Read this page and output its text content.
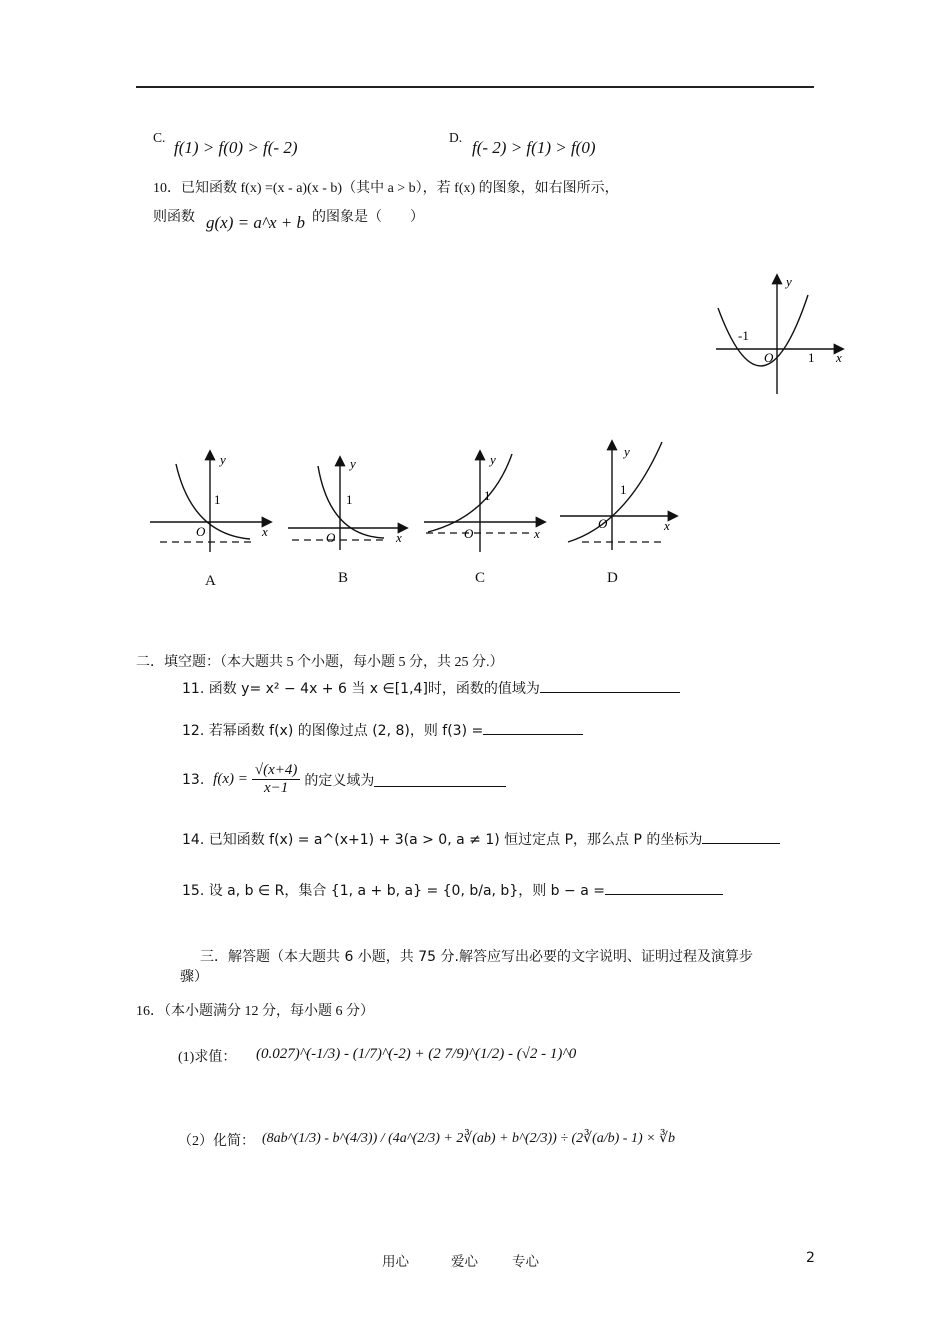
C.
f(1) > f(0) > f(- 2)
D.
f(- 2) > f(1) > f(0)
10．已知函数 f(x) =(x - a)(x - b)（其中 a > b），若 f(x) 的图象，如右图所示，
则函数 g(x) = a^x + b 的图象是（　　）
y
x
O
-1
1
y
x
O
1
A
y
x
O
1
B
y
x
O
1
C
y
x
O
1
D
二．填空题：（本大题共 5 个小题，每小题 5 分，共 25 分.）
11. 函数 y= x² − 4x + 6 当 x ∈[1,4]时，函数的值域为
12. 若幂函数 f(x) 的图像过点 (2, 8)，则 f(3) =
13.
$f(x) = \frac{√(x+4)}{x-1}$ 的定义域为
14. 已知函数 f(x) = a^(x+1) + 3(a > 0, a ≠ 1) 恒过定点 P，那么点 P 的坐标为
15. 设 a, b ∈ R，集合 {1, a + b, a} = {0, b/a, b}，则 b − a =
三．解答题（本大题共 6 小题，共 75 分.解答应写出必要的文字说明、证明过程及演算步
骤）
16．（本小题满分 12 分，每小题 6 分）
(1)求值： (0.027)^(-1/3) - (1/7)^(-2) + (2 7/9)^(1/2) - (√2 - 1)^0
（2）化简： (8ab^(1/3) - b^(4/3)) / (4a^(2/3) + 2∛(ab) + b^(2/3)) ÷ (2∛(a/b) - 1) × ∛b
用心	爱心	专心	2
